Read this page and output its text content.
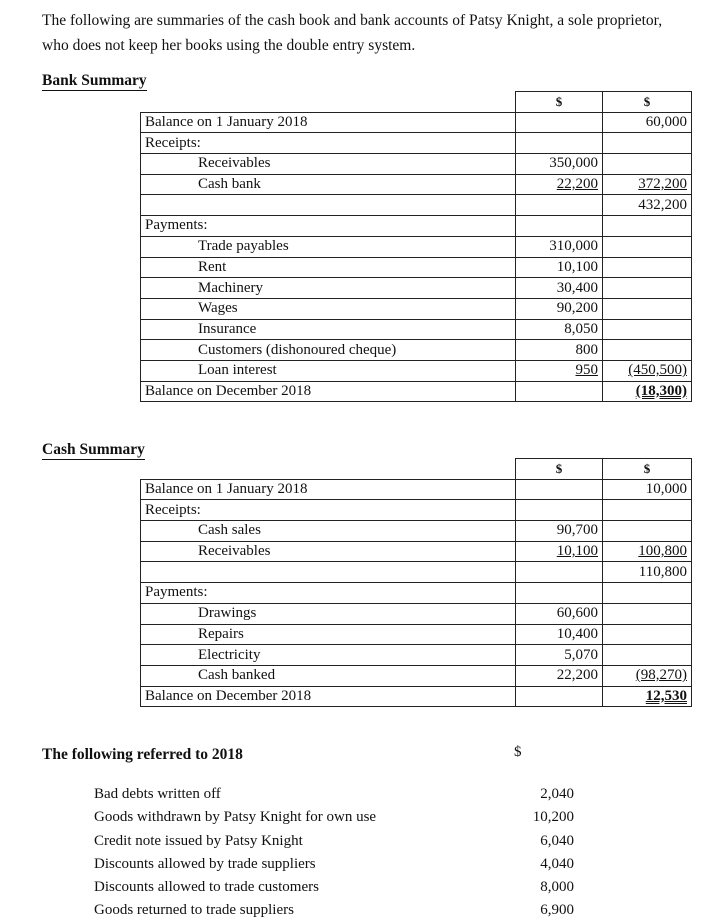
The following are summaries of the cash book and bank accounts of Patsy Knight, a sole proprietor, who does not keep her books using the double entry system.
Bank Summary
	$	$
Balance on 1 January 2018		60,000
Receipts:		
Receivables	350,000	
Cash bank	22,200	372,200
		432,200
Payments:		
Trade payables	310,000	
Rent	10,100	
Machinery	30,400	
Wages	90,200	
Insurance	8,050	
Customers (dishonoured cheque)	800	
Loan interest	950	(450,500)
Balance on December 2018		(18,300)
Cash Summary
	$	$
Balance on 1 January 2018		10,000
Receipts:		
Cash sales	90,700	
Receivables	10,100	100,800
		110,800
Payments:		
Drawings	60,600	
Repairs	10,400	
Electricity	5,070	
Cash banked	22,200	(98,270)
Balance on December 2018		12,530
The following referred to 2018	$
Bad debts written off	2,040
Goods withdrawn by Patsy Knight for own use	10,200
Credit note issued by Patsy Knight	6,040
Discounts allowed by trade suppliers	4,040
Discounts allowed to trade customers	8,000
Goods returned to trade suppliers	6,900
